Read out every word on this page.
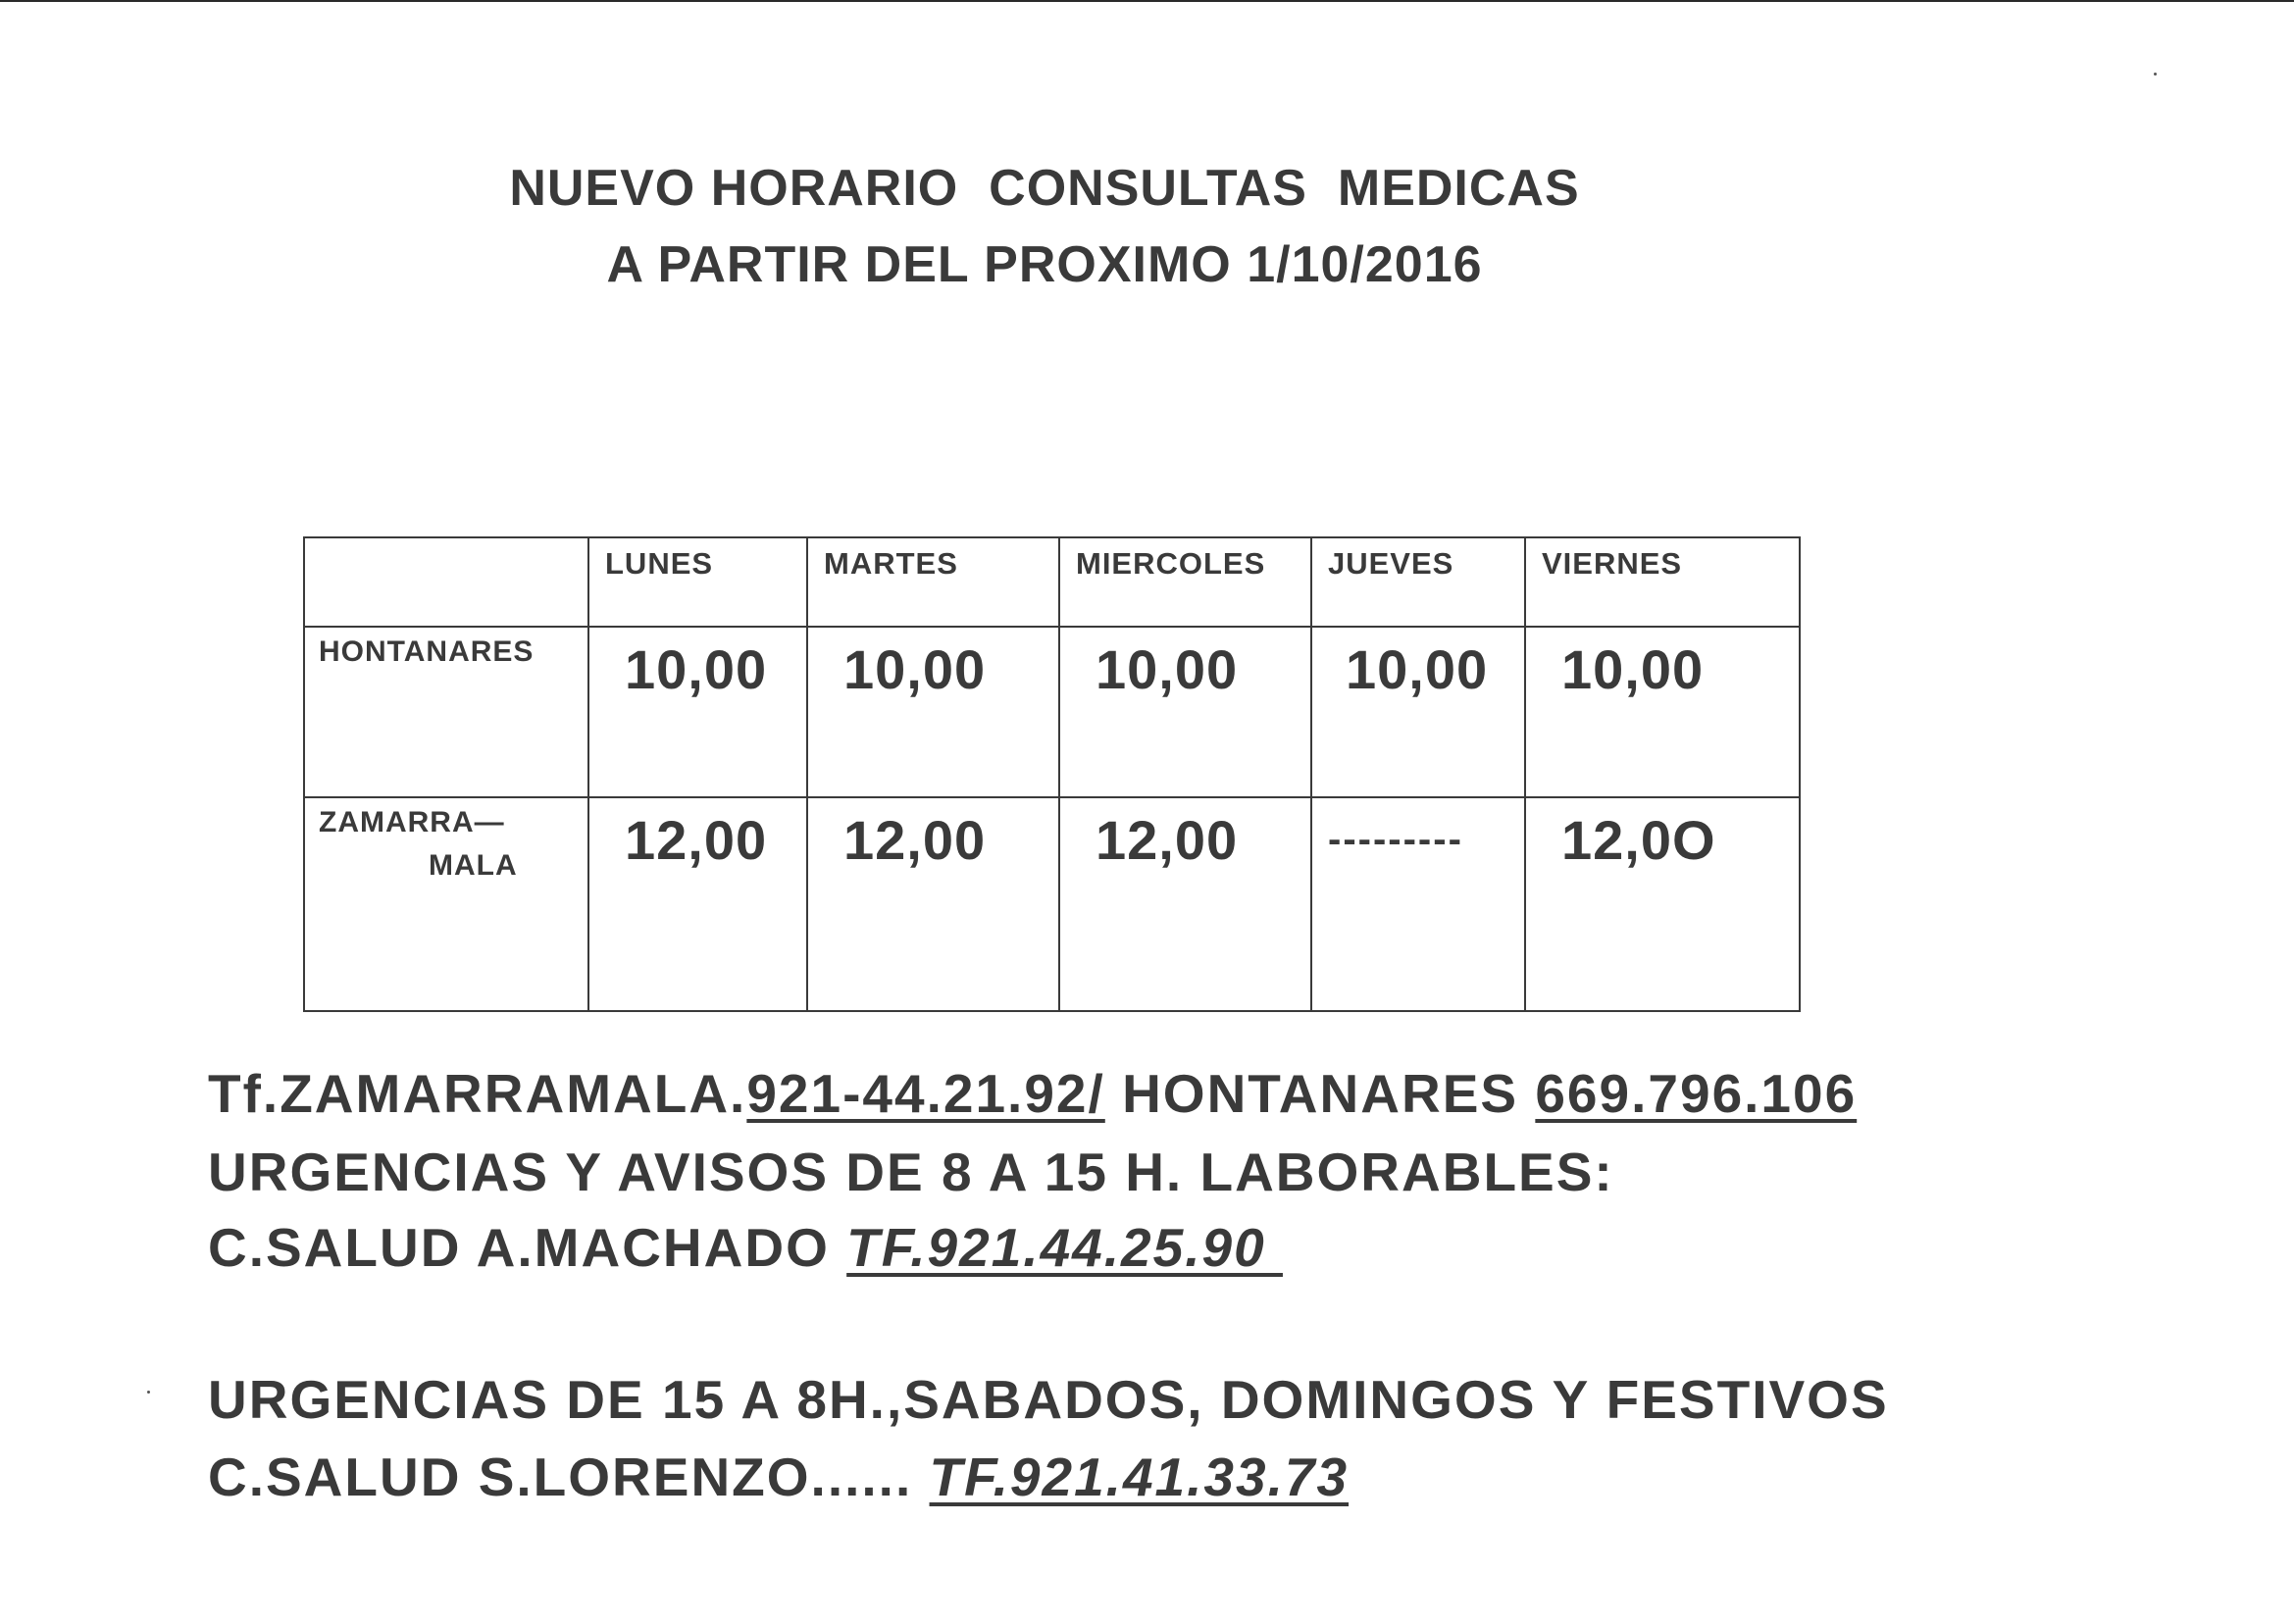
NUEVO HORARIO  CONSULTAS  MEDICAS
A PARTIR DEL PROXIMO 1/10/2016
	LUNES	MARTES	MIERCOLES	JUEVES	VIERNES
HONTANARES	10,00	10,00	10,00	10,00	10,00
ZAMARRA—
MALA	12,00	12,00	12,00	---------	12,0O
Tf.ZAMARRAMALA.921-44.21.92/ HONTANARES 669.796.106
URGENCIAS Y AVISOS DE 8 A 15 H. LABORABLES:
C.SALUD A.MACHADO TF.921.44.25.90
URGENCIAS DE 15 A 8H.,SABADOS, DOMINGOS Y FESTIVOS
C.SALUD S.LORENZO...... TF.921.41.33.73
